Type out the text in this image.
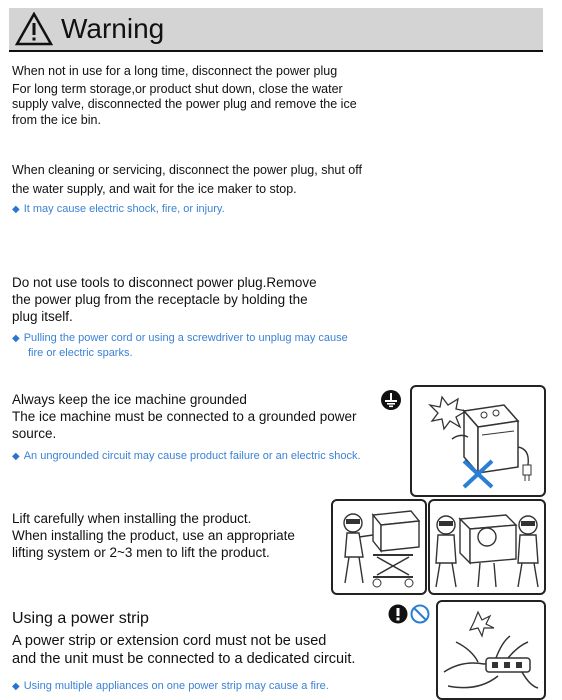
Warning
When not in use for a long time, disconnect the power plug
For long term storage,or product shut down, close the water
supply valve, disconnected the power plug and remove the ice
from the ice bin.
When cleaning or servicing, disconnect the power plug, shut off
the water supply, and wait for the ice maker to stop.
◆ It may cause electric shock, fire, or injury.
Do not use tools to disconnect power plug.Remove
the power plug from the receptacle by holding the
plug itself.
◆ Pulling the power cord or using a screwdriver to unplug may cause
fire or electric sparks.
Always keep the ice machine grounded
The ice machine must be connected to a grounded power
source.
◆ An ungrounded circuit may cause product failure or an electric shock.
Lift carefully when installing the product.
When installing the product, use an appropriate
lifting system or 2~3 men to lift the product.
Using a power strip
A power strip or extension cord must not be used
and the unit must be connected to a dedicated circuit.
◆ Using multiple appliances on one power strip may cause a fire.
